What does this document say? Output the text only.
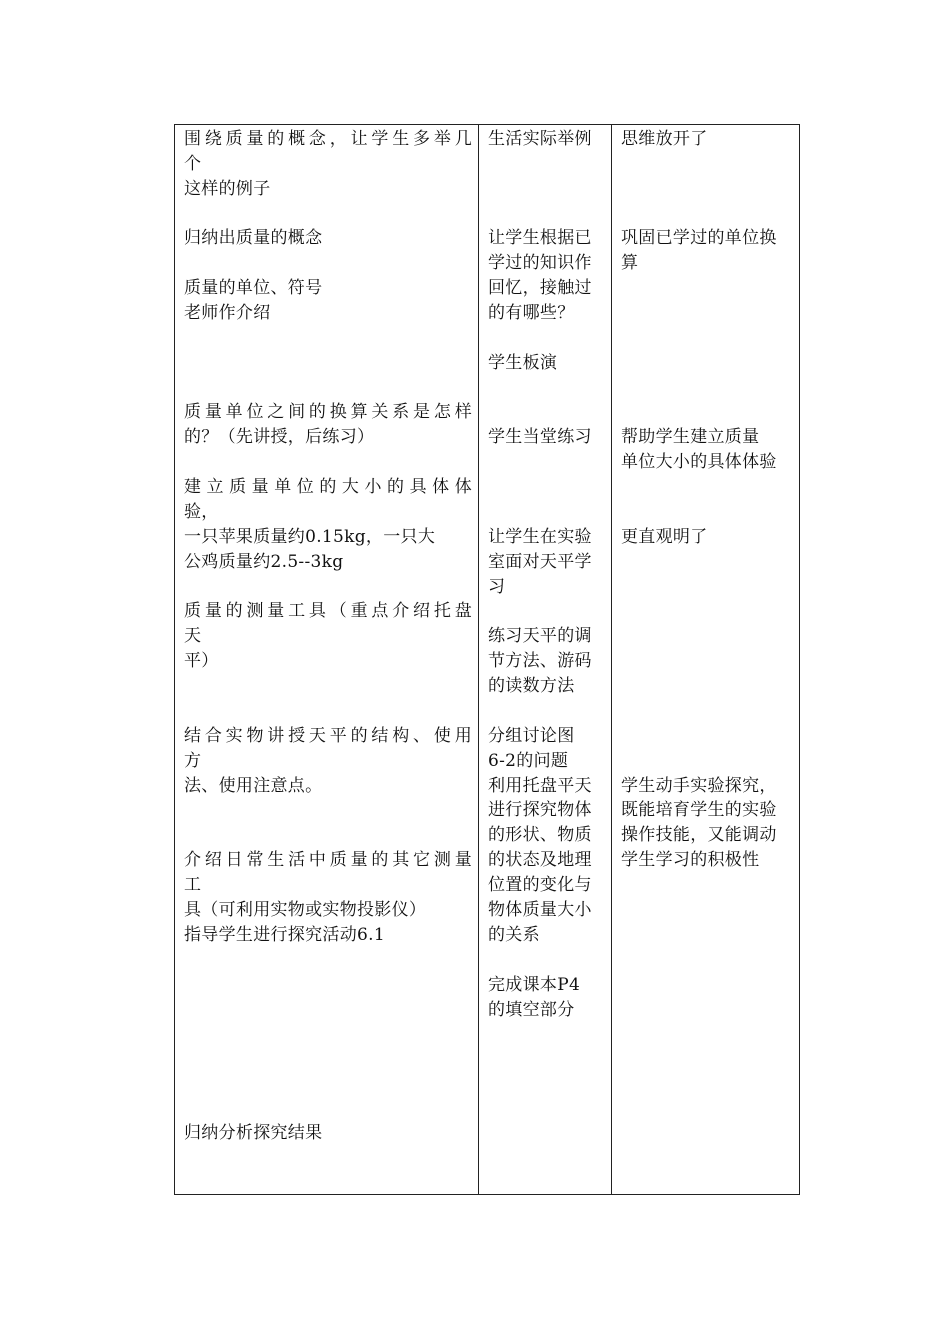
围绕质量的概念，让学生多举几
个
这样的例子
归纳出质量的概念
质量的单位、符号
老师作介绍
质量单位之间的换算关系是怎样
的？（先讲授，后练习）
建立质量单位的大小的具体体
验，
一只苹果质量约0.15kg，一只大
公鸡质量约2.5--3kg
质量的测量工具（重点介绍托盘
天
平）
结合实物讲授天平的结构、使用
方
法、使用注意点。
介绍日常生活中质量的其它测量
工
具（可利用实物或实物投影仪）
指导学生进行探究活动6.1
归纳分析探究结果
生活实际举例
让学生根据已
学过的知识作
回忆，接触过
的有哪些？
学生板演
学生当堂练习
让学生在实验
室面对天平学
习
练习天平的调
节方法、游码
的读数方法
分组讨论图
6-2的问题
利用托盘平天
进行探究物体
的形状、物质
的状态及地理
位置的变化与
物体质量大小
的关系
完成课本P4
的填空部分
思维放开了
巩固已学过的单位换
算
帮助学生建立质量
单位大小的具体体验
更直观明了
学生动手实验探究，
既能培育学生的实验
操作技能，又能调动
学生学习的积极性
